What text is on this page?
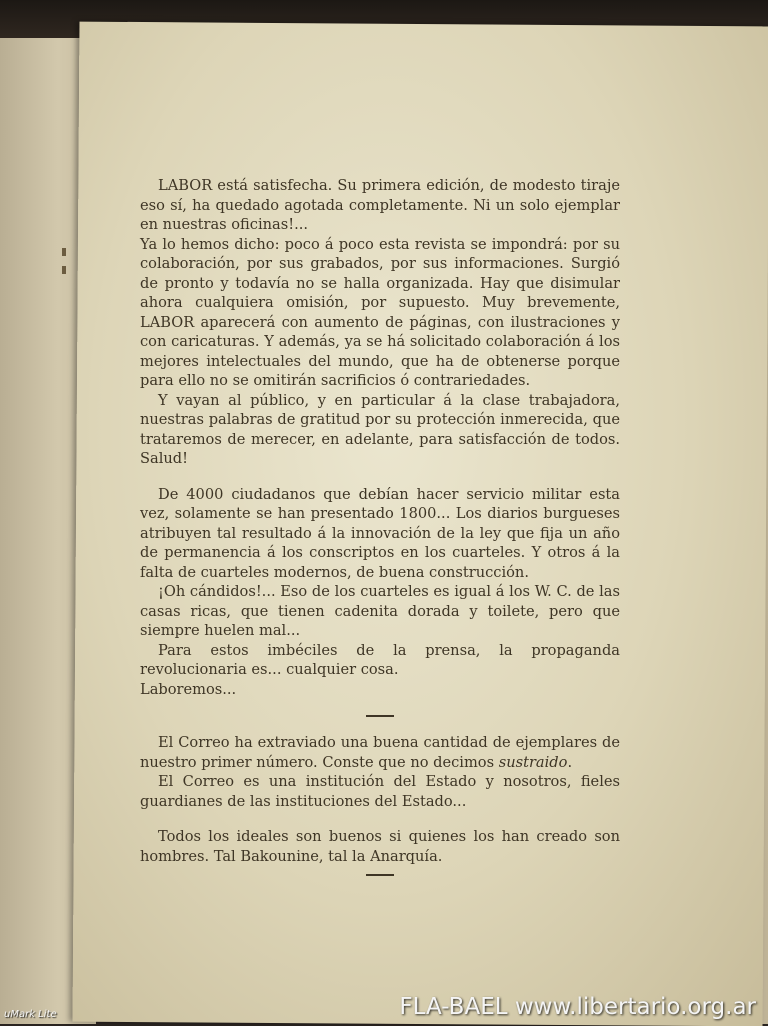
LABOR está satisfecha. Su primera edición, de modesto tiraje eso sí, ha quedado agotada completamente. Ni un solo ejemplar en nuestras oficinas!...

Ya lo hemos dicho: poco á poco esta revista se impondrá: por su colaboración, por sus grabados, por sus informaciones. Surgió de pronto y todavía no se halla organizada. Hay que disimular ahora cualquiera omisión, por supuesto. Muy brevemente, LABOR aparecerá con aumento de páginas, con ilustraciones y con caricaturas. Y además, ya se há solicitado colaboración á los mejores intelectuales del mundo, que ha de obtenerse porque para ello no se omitirán sacrificios ó contrariedades.

Y vayan al público, y en particular á la clase trabajadora, nuestras palabras de gratitud por su protección inmerecida, que trataremos de merecer, en adelante, para satisfacción de todos. Salud!

De 4000 ciudadanos que debían hacer servicio militar esta vez, solamente se han presentado 1800... Los diarios burgueses atribuyen tal resultado á la innovación de la ley que fija un año de permanencia á los conscriptos en los cuarteles. Y otros á la falta de cuarteles modernos, de buena construcción.

¡Oh cándidos!... Eso de los cuarteles es igual á los W. C. de las casas ricas, que tienen cadenita dorada y toilete, pero que siempre huelen mal...

Para estos imbéciles de la prensa, la propaganda revolucionaria es... cualquier cosa.

Laboremos...

El Correo ha extraviado una buena cantidad de ejemplares de nuestro primer número. Conste que no decimos sustraido.

El Correo es una institución del Estado y nosotros, fieles guardianes de las instituciones del Estado...

Todos los ideales son buenos si quienes los han creado son hombres. Tal Bakounine, tal la Anarquía.

uMark Lite	FLA-BAEL www.libertario.org.ar
